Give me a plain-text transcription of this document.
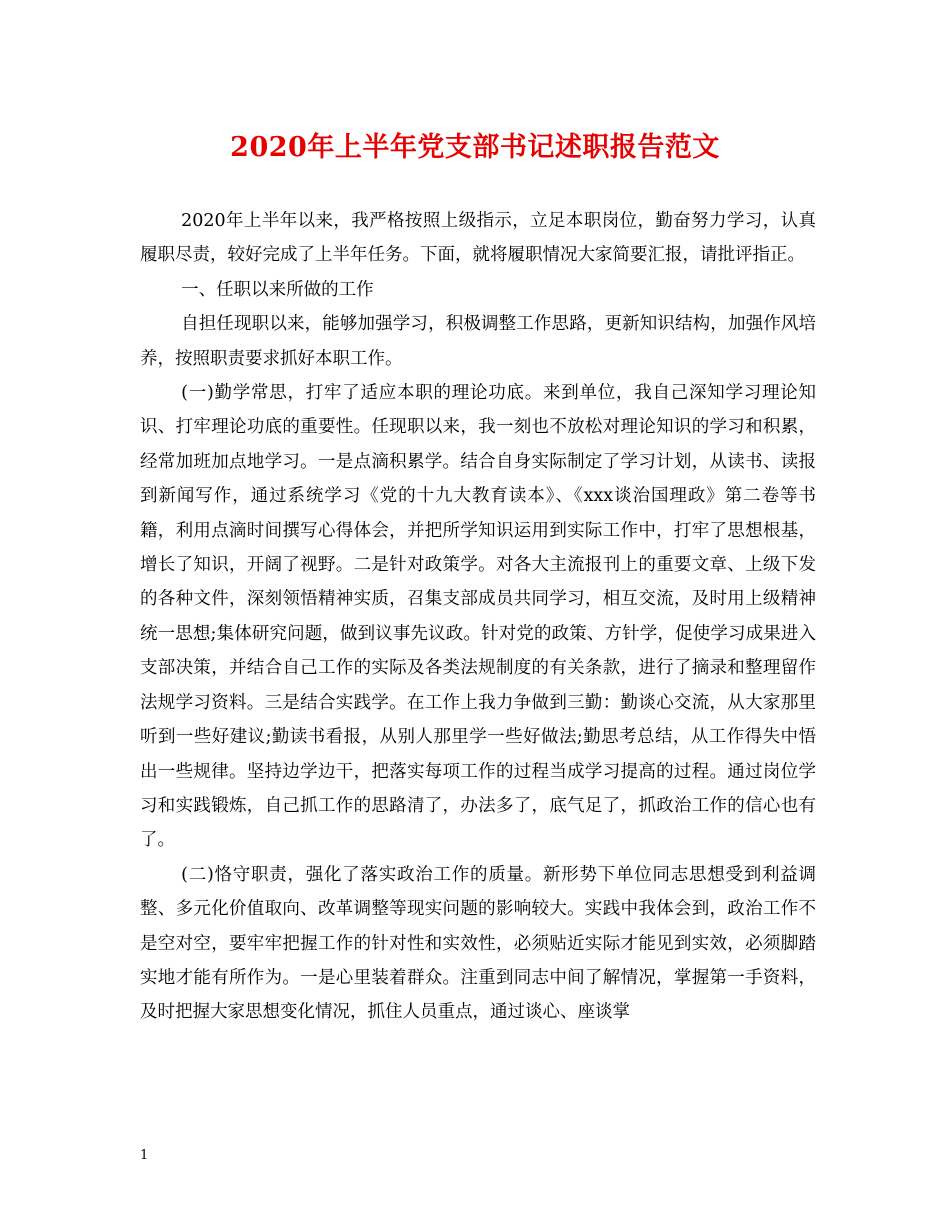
2020年上半年党支部书记述职报告范文

2020年上半年以来，我严格按照上级指示，立足本职岗位，勤奋努力学习，认真履职尽责，较好完成了上半年任务。下面，就将履职情况大家简要汇报，请批评指正。

一、任职以来所做的工作

自担任现职以来，能够加强学习，积极调整工作思路，更新知识结构，加强作风培养，按照职责要求抓好本职工作。

(一)勤学常思，打牢了适应本职的理论功底。来到单位，我自己深知学习理论知识、打牢理论功底的重要性。任现职以来，我一刻也不放松对理论知识的学习和积累，经常加班加点地学习。一是点滴积累学。结合自身实际制定了学习计划，从读书、读报到新闻写作，通过系统学习《党的十九大教育读本》、《xxx谈治国理政》第二卷等书籍，利用点滴时间撰写心得体会，并把所学知识运用到实际工作中，打牢了思想根基，增长了知识，开阔了视野。二是针对政策学。对各大主流报刊上的重要文章、上级下发的各种文件，深刻领悟精神实质，召集支部成员共同学习，相互交流，及时用上级精神统一思想;集体研究问题，做到议事先议政。针对党的政策、方针学，促使学习成果进入支部决策，并结合自己工作的实际及各类法规制度的有关条款，进行了摘录和整理留作法规学习资料。三是结合实践学。在工作上我力争做到三勤：勤谈心交流，从大家那里听到一些好建议;勤读书看报，从别人那里学一些好做法;勤思考总结，从工作得失中悟出一些规律。坚持边学边干，把落实每项工作的过程当成学习提高的过程。通过岗位学习和实践锻炼，自己抓工作的思路清了，办法多了，底气足了，抓政治工作的信心也有了。

(二)恪守职责，强化了落实政治工作的质量。新形势下单位同志思想受到利益调整、多元化价值取向、改革调整等现实问题的影响较大。实践中我体会到，政治工作不是空对空，要牢牢把握工作的针对性和实效性，必须贴近实际才能见到实效，必须脚踏实地才能有所作为。一是心里装着群众。注重到同志中间了解情况，掌握第一手资料，及时把握大家思想变化情况，抓住人员重点，通过谈心、座谈掌

1
